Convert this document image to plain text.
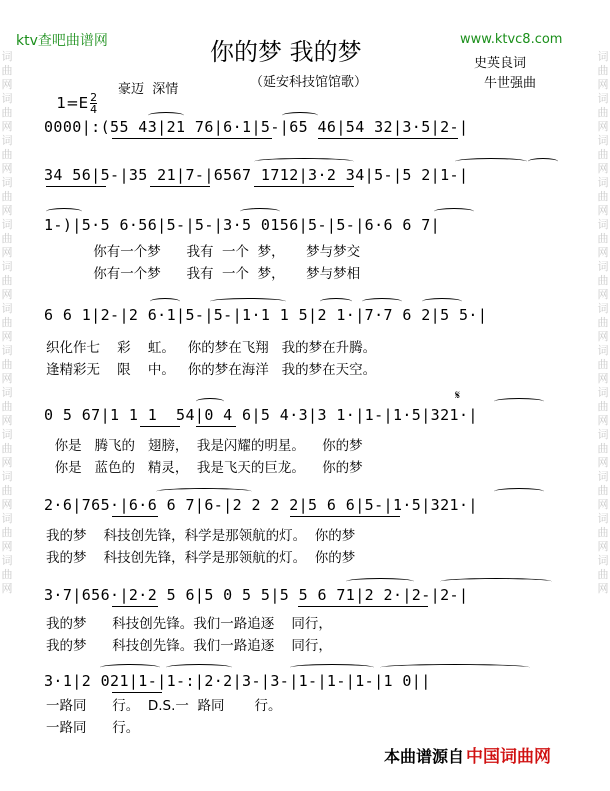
词曲网词曲网词曲网词曲网词曲网词曲网词曲网词曲网词曲网词曲网词曲网词曲网词曲网
词曲网词曲网词曲网词曲网词曲网词曲网词曲网词曲网词曲网词曲网词曲网词曲网词曲网
ktv查吧曲谱网	www.ktvc8.com
你的梦 我的梦	史英良词
牛世强曲
（延安科技馆馆歌）

$1=E \frac{2}{4}$

豪迈  深情
0000|:(55 43|21 76|6·1|5-|65 46|54 32|3·5|2-|
34 56|5-|35 21|7-|6567 1712|3·2 34|5-|5 2|1-|
1-)|5·5 6·56|5-|5-|3·5 0156|5-|5-|6·6 6 7|
你有一个梦      我有  一个  梦，     梦与梦交
你有一个梦      我有  一个  梦，     梦与梦相
6 6 1|2-|2 6·1|5-|5-|1·1 1 5|2 1·|7·7 6 2|5 5·|
织化作七    彩    虹。   你的梦在飞翔   我的梦在升腾。
逢精彩无    限    中。   你的梦在海洋   我的梦在天空。
𝄋
0 5 67|1 1 1  54|0 4 6|5 4·3|3 1·|1-|1·5|321·|
你是   腾飞的   翅膀，  我是闪耀的明星。    你的梦
你是   蓝色的   精灵，  我是飞天的巨龙。    你的梦
2·6|765·|6·6 6 7|6-|2 2 2 2|5 6 6|5-|1·5|321·|
我的梦    科技创先锋，科学是那领航的灯。  你的梦
我的梦    科技创先锋，科学是那领航的灯。  你的梦
3·7|656·|2·2 5 6|5 0 5 5|5 5 6 71|2 2·|2-|2-|
我的梦      科技创先锋。我们一路追逐    同行，
我的梦      科技创先锋。我们一路追逐    同行，
3·1|2 021|1-|1-:|2·2|3-|3-|1-|1-|1-|1 0||
一路同      行。  D.S.一  路同       行。
一路同      行。
本曲谱源自 中国词曲网
